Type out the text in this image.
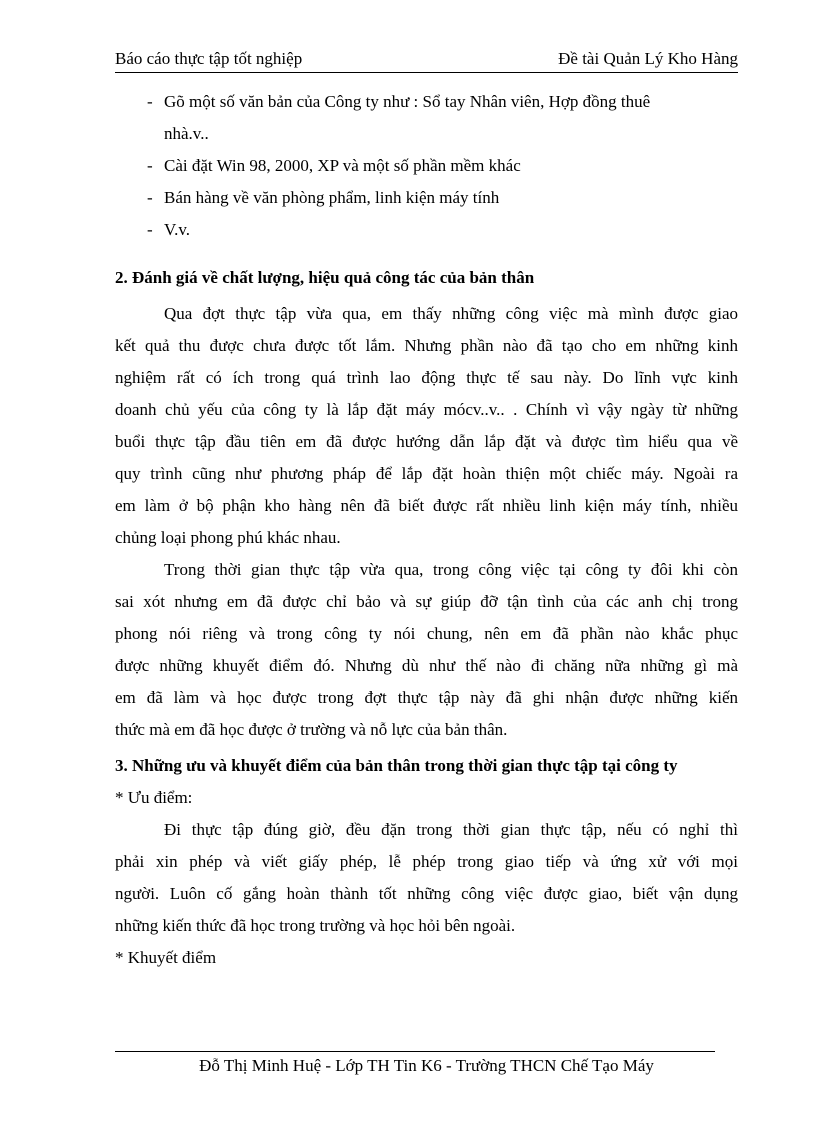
Báo cáo thực tập tốt nghiệp	Đề tài Quản Lý Kho Hàng
- Gõ một số văn bản của Công ty như : Sổ tay Nhân viên, Hợp đồng thuê
nhà.v..
- Cài đặt Win 98, 2000, XP và một số phần mềm khác
- Bán hàng về văn phòng phẩm, linh kiện máy tính
- V.v.
2. Đánh giá về chất lượng, hiệu quả công tác của bản thân
Qua đợt thực tập vừa qua, em thấy những công việc mà mình được giao
kết quả thu được chưa được tốt lắm. Nhưng phần nào đã tạo cho em những kinh
nghiệm rất có ích trong quá trình lao động thực tế sau này. Do lĩnh vực kinh
doanh chủ yếu của công ty là lắp đặt máy mócv..v.. . Chính vì vậy ngày từ những
buổi thực tập đầu tiên em đã được hướng dẫn lắp đặt và được tìm hiểu qua về
quy trình cũng như phương pháp để lắp đặt hoàn thiện một chiếc máy. Ngoài ra
em làm ở bộ phận kho hàng nên đã biết được rất nhiều linh kiện máy tính, nhiều
chủng loại phong phú khác nhau.
Trong thời gian thực tập vừa qua, trong công việc tại công ty đôi khi còn
sai xót nhưng em đã được chỉ bảo và sự giúp đỡ tận tình của các anh chị trong
phong nói riêng và trong công ty nói chung, nên em đã phần nào khắc phục
được những khuyết điểm đó. Nhưng dù như thế nào đi chăng nữa những gì mà
em đã làm và học được trong đợt thực tập này đã ghi nhận được những kiến
thức mà em đã học được ở trường và nỗ lực của bản thân.
3. Những ưu và khuyết điểm của bản thân trong thời gian thực tập tại công ty
* Ưu điểm:
Đi thực tập đúng giờ, đều đặn trong thời gian thực tập, nếu có nghỉ thì
phải xin phép và viết giấy phép, lễ phép trong giao tiếp và ứng xử với mọi
người. Luôn cố gắng hoàn thành tốt những công việc được giao, biết vận dụng
những kiến thức đã học trong trường và học hỏi bên ngoài.
* Khuyết điểm
Đỗ Thị Minh Huệ - Lớp TH Tin K6 - Trường THCN Chế Tạo Máy
